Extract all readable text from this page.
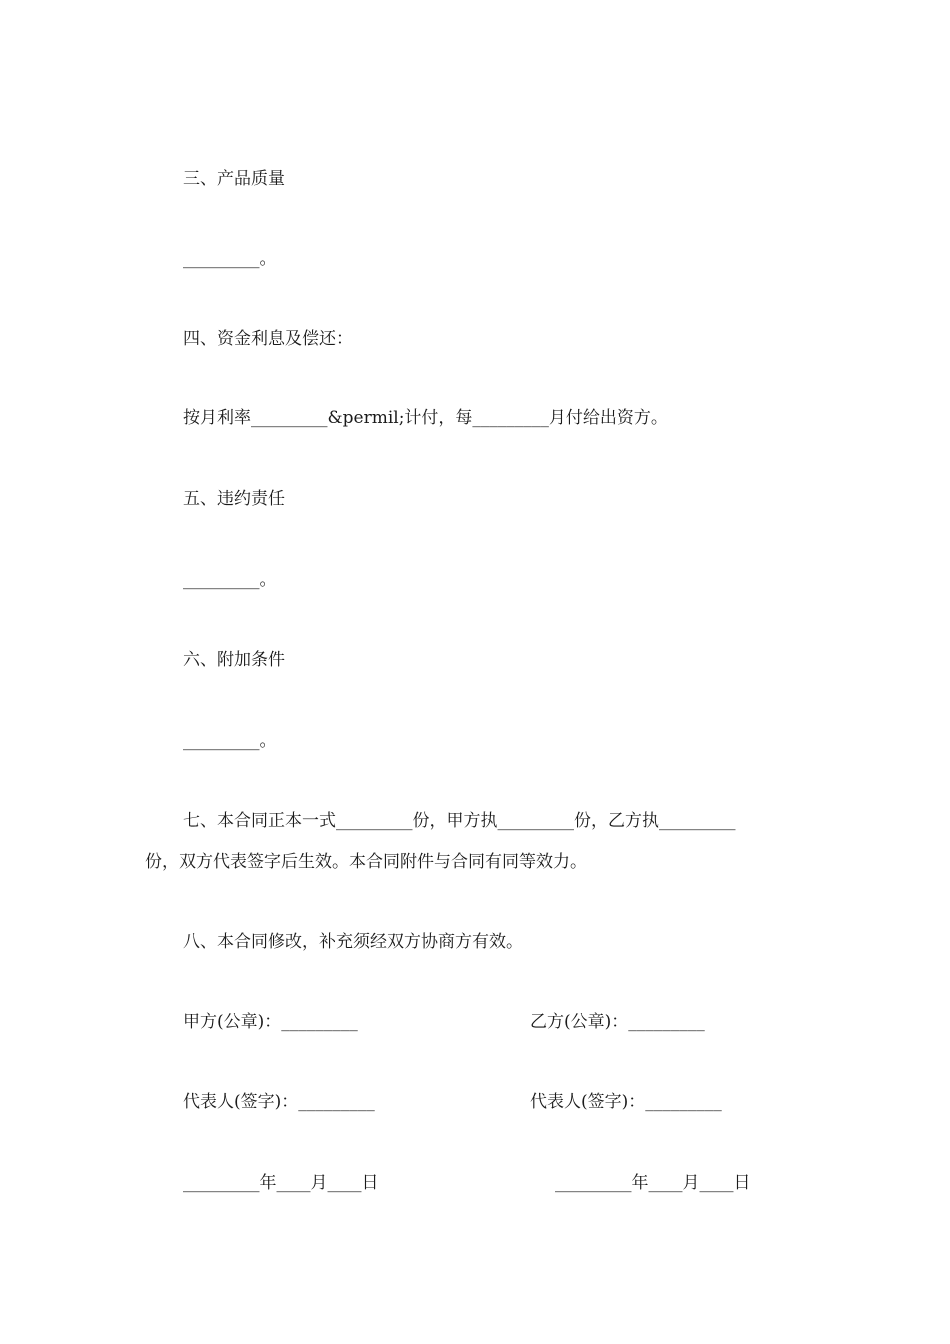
三、产品质量
_________。
四、资金利息及偿还：
按月利率_________&permil;计付，每_________月付给出资方。
五、违约责任
_________。
六、附加条件
_________。
七、本合同正本一式_________份，甲方执_________份，乙方执_________
份，双方代表签字后生效。本合同附件与合同有同等效力。
八、本合同修改，补充须经双方协商方有效。
甲方(公章)：_________	乙方(公章)：_________
代表人(签字)：_________	代表人(签字)：_________
_________年____月____日	_________年____月____日
